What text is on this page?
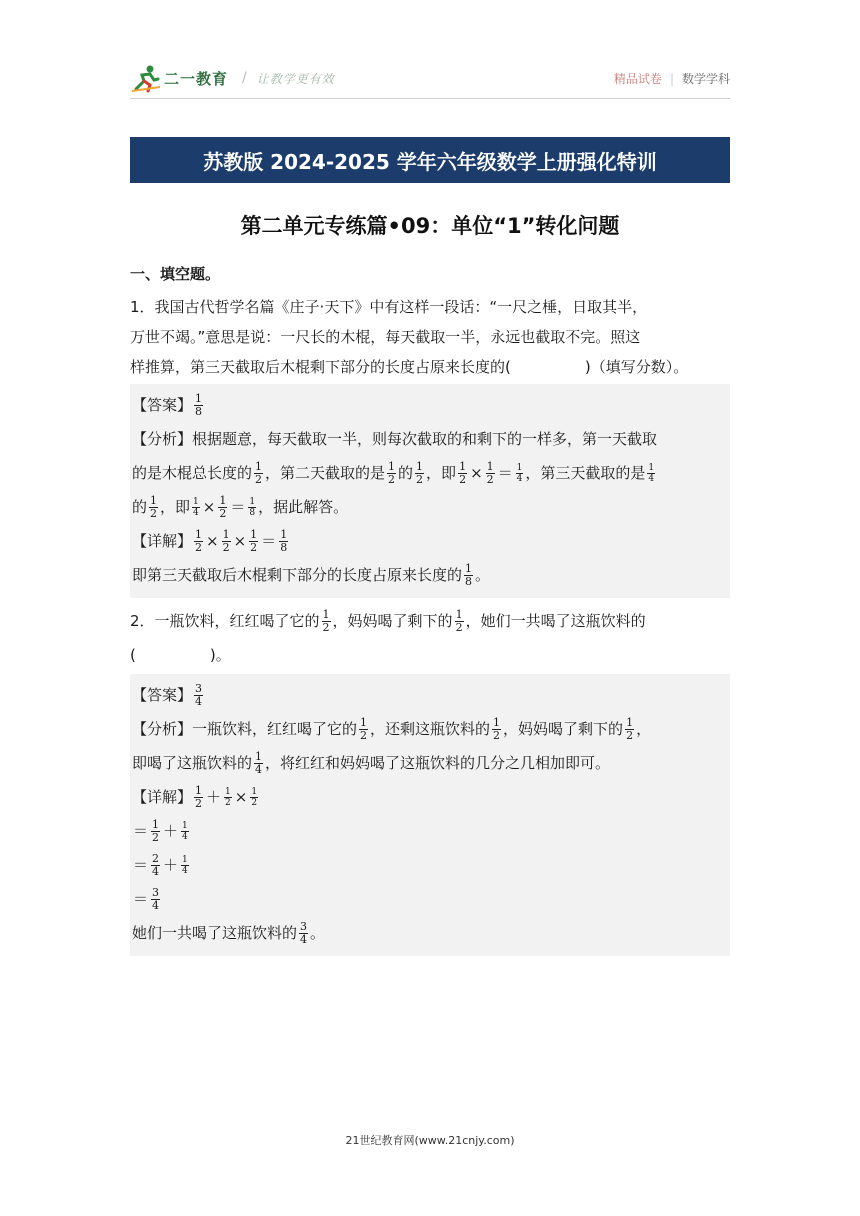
二一教育 / 让教学更有效	精品试卷 | 数学学科
苏教版 2024-2025 学年六年级数学上册强化特训
第二单元专练篇•09：单位“1”转化问题
一、填空题。

1．我国古代哲学名篇《庄子·天下》中有这样一段话：“一尺之棰，日取其半，

万世不竭。”意思是说：一尺长的木棍，每天截取一半，永远也截取不完。照这

样推算，第三天截取后木棍剩下部分的长度占原来长度的(	)（填写分数）。

【答案】 $\frac{1}{8}$
【分析】 根据题意，每天截取一半，则每次截取的和剩下的一样多，第一天截取
的是木棍总长度的 $\frac{1}{2}$ ，第二天截取的是 $\frac{1}{2}$ 的 $\frac{1}{2}$ ，即 $\frac{1}{2} \times \frac{1}{2} = \frac{1}{4}$ ，第三天截取的是 $\frac{1}{4}$
的 $\frac{1}{2}$ ，即 $\frac{1}{4} \times \frac{1}{2} = \frac{1}{8}$ ，据此解答。
【详解】 $\frac{1}{2} \times \frac{1}{2} \times \frac{1}{2} = \frac{1}{8}$
即第三天截取后木棍剩下部分的长度占原来长度的 $\frac{1}{8}$ 。
2．一瓶饮料，红红喝了它的 $\frac{1}{2}$ ，妈妈喝了剩下的 $\frac{1}{2}$ ，她们一共喝了这瓶饮料的
(	)。
【答案】 $\frac{3}{4}$
【分析】 一瓶饮料，红红喝了它的 $\frac{1}{2}$ ，还剩这瓶饮料的 $\frac{1}{2}$ ，妈妈喝了剩下的 $\frac{1}{2}$ ，
即喝了这瓶饮料的 $\frac{1}{4}$ ，将红红和妈妈喝了这瓶饮料的几分之几相加即可。
【详解】 $\frac{1}{2} + \frac{1}{2} \times \frac{1}{2}$
＝ $\frac{1}{2} + \frac{1}{4}$
＝ $\frac{2}{4} + \frac{1}{4}$
＝ $\frac{3}{4}$
她们一共喝了这瓶饮料的 $\frac{3}{4}$ 。
21世纪教育网(www.21cnjy.com)
